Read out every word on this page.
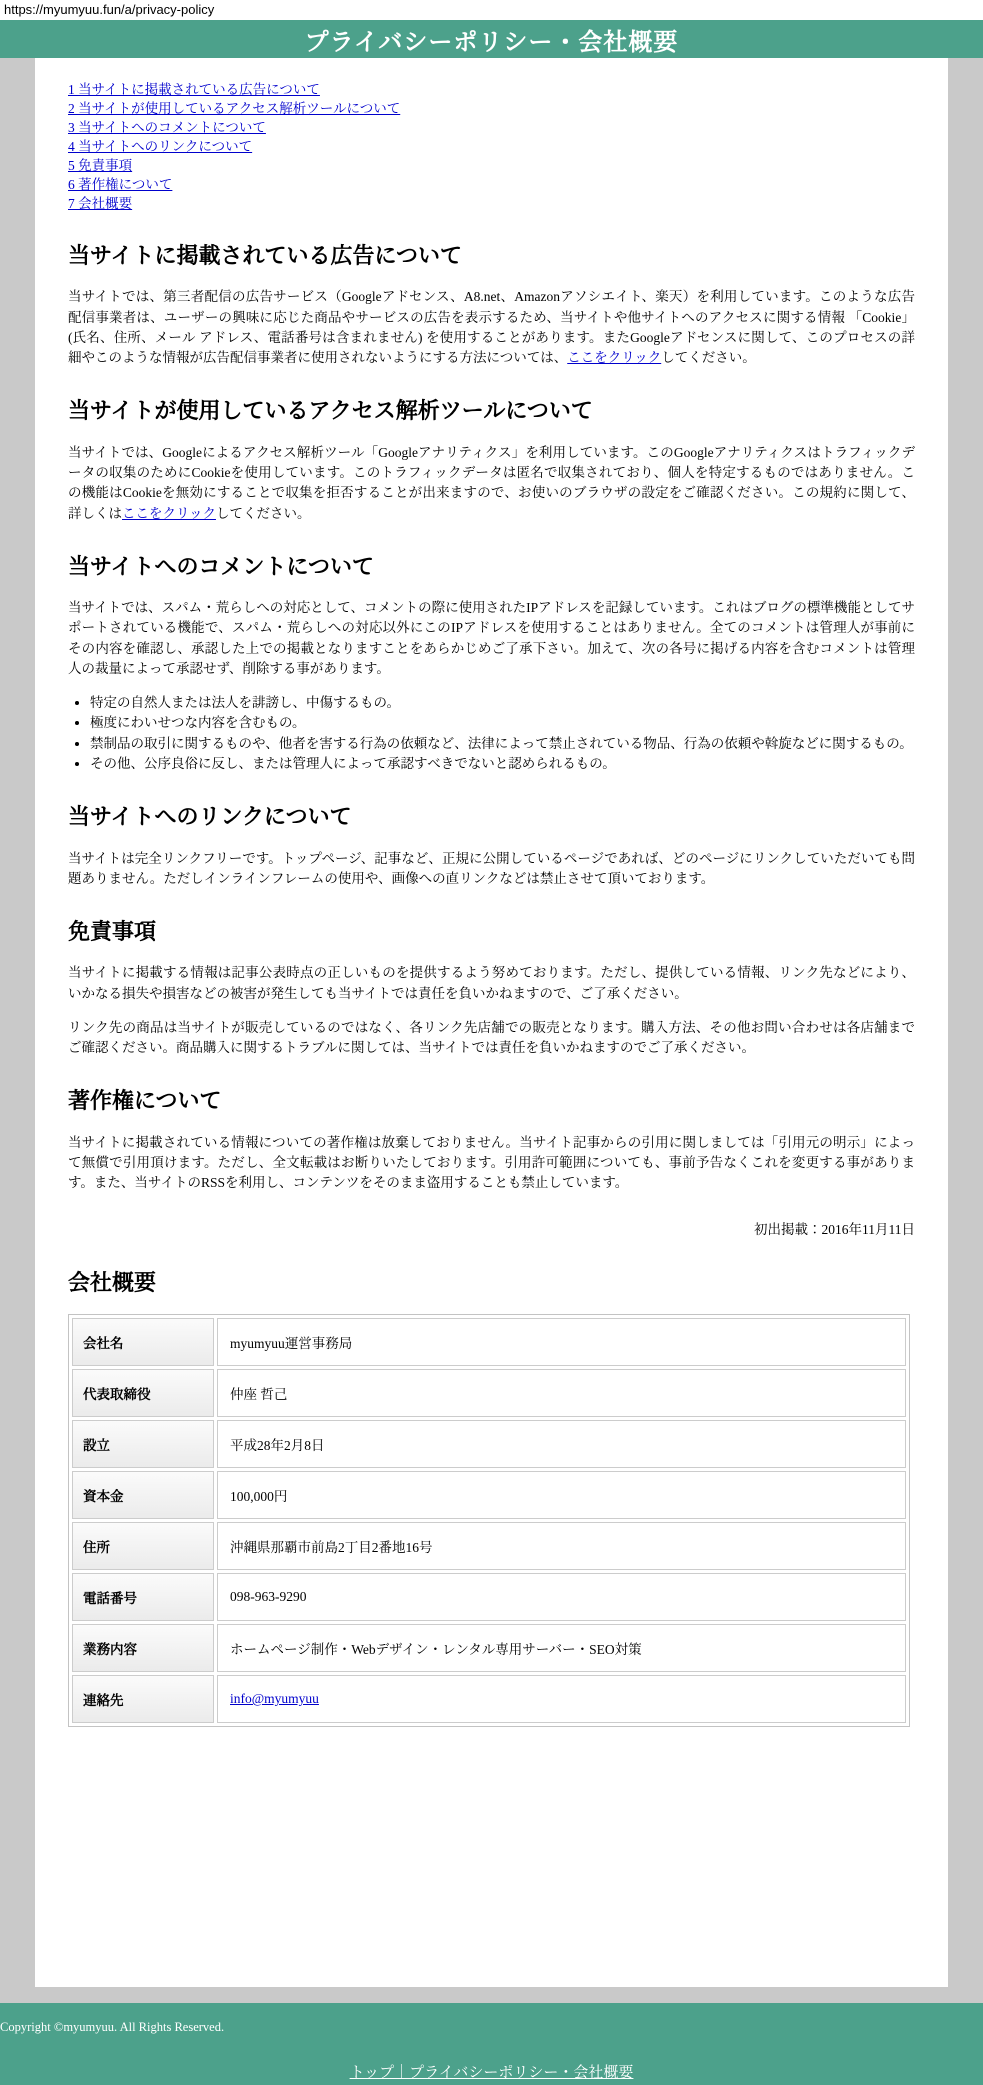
https://myumyuu.fun/a/privacy-policy
プライバシーポリシー・会社概要
1 当サイトに掲載されている広告について
2 当サイトが使用しているアクセス解析ツールについて
3 当サイトへのコメントについて
4 当サイトへのリンクについて
5 免責事項
6 著作権について
7 会社概要
当サイトに掲載されている広告について

当サイトでは、第三者配信の広告サービス（Googleアドセンス、A8.net、Amazonアソシエイト、楽天）を利用しています。このような広告配信事業者は、ユーザーの興味に応じた商品やサービスの広告を表示するため、当サイトや他サイトへのアクセスに関する情報 「Cookie」(氏名、住所、メール アドレス、電話番号は含まれません) を使用することがあります。またGoogleアドセンスに関して、このプロセスの詳細やこのような情報が広告配信事業者に使用されないようにする方法については、ここをクリックしてください。

当サイトが使用しているアクセス解析ツールについて

当サイトでは、Googleによるアクセス解析ツール「Googleアナリティクス」を利用しています。このGoogleアナリティクスはトラフィックデータの収集のためにCookieを使用しています。このトラフィックデータは匿名で収集されており、個人を特定するものではありません。この機能はCookieを無効にすることで収集を拒否することが出来ますので、お使いのブラウザの設定をご確認ください。この規約に関して、詳しくはここをクリックしてください。

当サイトへのコメントについて

当サイトでは、スパム・荒らしへの対応として、コメントの際に使用されたIPアドレスを記録しています。これはブログの標準機能としてサポートされている機能で、スパム・荒らしへの対応以外にこのIPアドレスを使用することはありません。全てのコメントは管理人が事前にその内容を確認し、承認した上での掲載となりますことをあらかじめご了承下さい。加えて、次の各号に掲げる内容を含むコメントは管理人の裁量によって承認せず、削除する事があります。

• 特定の自然人または法人を誹謗し、中傷するもの。
• 極度にわいせつな内容を含むもの。
• 禁制品の取引に関するものや、他者を害する行為の依頼など、法律によって禁止されている物品、行為の依頼や斡旋などに関するもの。
• その他、公序良俗に反し、または管理人によって承認すべきでないと認められるもの。
当サイトへのリンクについて

当サイトは完全リンクフリーです。トップページ、記事など、正規に公開しているページであれば、どのページにリンクしていただいても問題ありません。ただしインラインフレームの使用や、画像への直リンクなどは禁止させて頂いております。

免責事項

当サイトに掲載する情報は記事公表時点の正しいものを提供するよう努めております。ただし、提供している情報、リンク先などにより、いかなる損失や損害などの被害が発生しても当サイトでは責任を負いかねますので、ご了承ください。

リンク先の商品は当サイトが販売しているのではなく、各リンク先店舗での販売となります。購入方法、その他お問い合わせは各店舗までご確認ください。商品購入に関するトラブルに関しては、当サイトでは責任を負いかねますのでご了承ください。

著作権について

当サイトに掲載されている情報についての著作権は放棄しておりません。当サイト記事からの引用に関しましては「引用元の明示」によって無償で引用頂けます。ただし、全文転載はお断りいたしております。引用許可範囲についても、事前予告なくこれを変更する事があります。また、当サイトのRSSを利用し、コンテンツをそのまま盗用することも禁止しています。

初出掲載：2016年11月11日

会社概要
会社名	myumyuu運営事務局
代表取締役	仲座 哲己
設立	平成28年2月8日
資本金	100,000円
住所	沖縄県那覇市前島2丁目2番地16号
電話番号	098-963-9290
業務内容	ホームページ制作・Webデザイン・レンタル専用サーバー・SEO対策
連絡先	info@myumyuu

Copyright ©myumyuu. All Rights Reserved.

トップ｜プライバシーポリシー・会社概要
